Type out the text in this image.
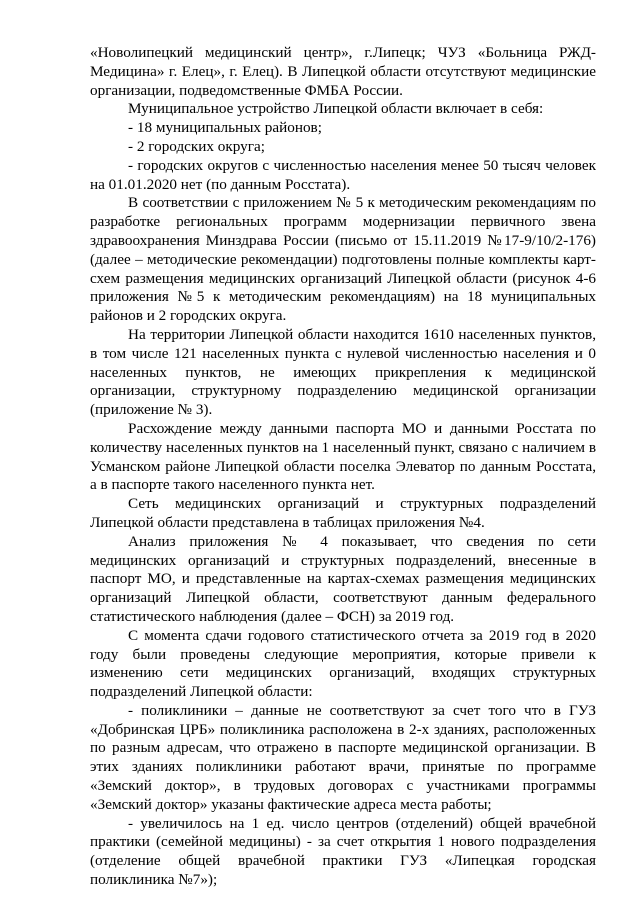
«Новолипецкий медицинский центр», г.Липецк; ЧУЗ «Больница РЖД-Медицина» г. Елец», г. Елец). В Липецкой области отсутствуют медицинские организации, подведомственные ФМБА России.

Муниципальное устройство Липецкой области включает в себя:

- 18 муниципальных районов;

- 2 городских округа;

- городских округов с численностью населения менее 50 тысяч человек на 01.01.2020 нет (по данным Росстата).

В соответствии с приложением № 5 к методическим рекомендациям по разработке региональных программ модернизации первичного звена здравоохранения Минздрава России (письмо от 15.11.2019 №17-9/10/2-176) (далее – методические рекомендации) подготовлены полные комплекты карт-схем размещения медицинских организаций Липецкой области (рисунок 4-6 приложения №5 к методическим рекомендациям) на 18 муниципальных районов и 2 городских округа.

На территории Липецкой области находится 1610 населенных пунктов, в том числе 121 населенных пункта с нулевой численностью населения и 0 населенных пунктов, не имеющих прикрепления к медицинской организации, структурному подразделению медицинской организации (приложение № 3).

Расхождение между данными паспорта МО и данными Росстата по количеству населенных пунктов на 1 населенный пункт, связано с наличием в Усманском районе Липецкой области поселка Элеватор по данным Росстата, а в паспорте такого населенного пункта нет.

Сеть медицинских организаций и структурных подразделений Липецкой области представлена в таблицах приложения №4.

Анализ приложения № 4 показывает, что сведения по сети медицинских организаций и структурных подразделений, внесенные в паспорт МО, и представленные на картах-схемах размещения медицинских организаций Липецкой области, соответствуют данным федерального статистического наблюдения (далее – ФСН) за 2019 год.

С момента сдачи годового статистического отчета за 2019 год в 2020 году были проведены следующие мероприятия, которые привели к изменению сети медицинских организаций, входящих структурных подразделений Липецкой области:

- поликлиники – данные не соответствуют за счет того что в ГУЗ «Добринская ЦРБ» поликлиника расположена в 2-х зданиях, расположенных по разным адресам, что отражено в паспорте медицинской организации. В этих зданиях поликлиники работают врачи, принятые по программе «Земский доктор», в трудовых договорах с участниками программы «Земский доктор» указаны фактические адреса места работы;

- увеличилось на 1 ед. число центров (отделений) общей врачебной практики (семейной медицины) - за счет открытия 1 нового подразделения (отделение общей врачебной практики ГУЗ «Липецкая городская поликлиника №7»);
